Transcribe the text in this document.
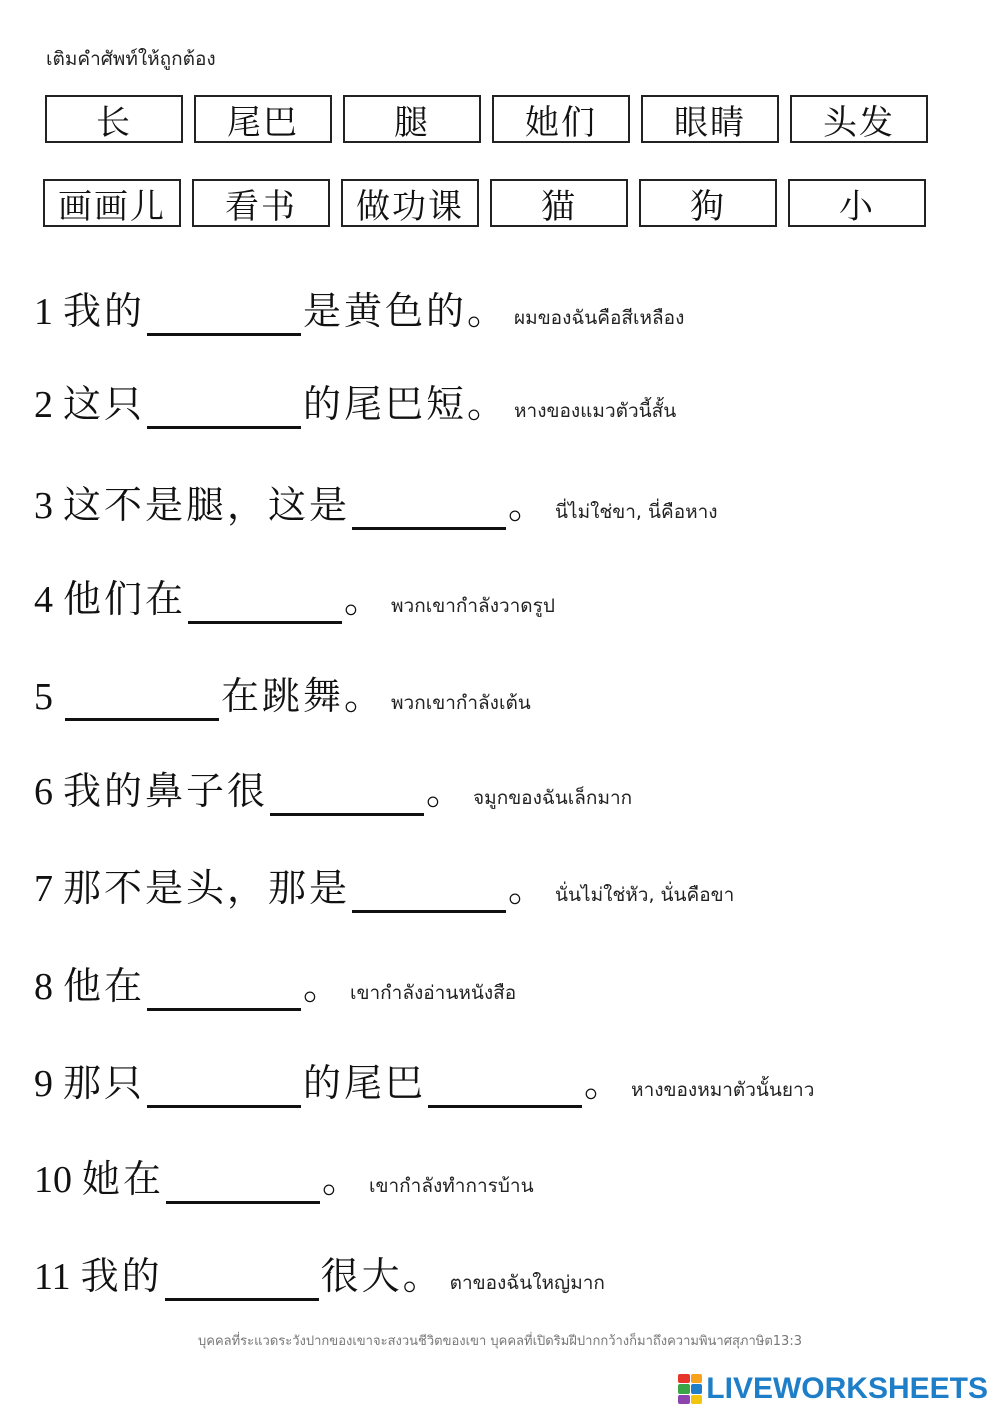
เติมคำศัพท์ให้ถูกต้อง
长	尾巴	腿	她们	眼睛	头发
画画儿	看书	做功课	猫	狗	小
1 我的	是黄色的。 ผมของฉันคือสีเหลือง
2 这只	的尾巴短。 หางของแมวตัวนี้สั้น
3 这不是腿，这是	。 นี่ไม่ใช่ขา, นี่คือหาง
4 他们在	。 พวกเขากำลังวาดรูป
5	在跳舞。 พวกเขากำลังเต้น
6 我的鼻子很	。 จมูกของฉันเล็กมาก
7 那不是头，那是	。 นั่นไม่ใช่หัว, นั่นคือขา
8 他在	。 เขากำลังอ่านหนังสือ
9 那只	的尾巴	。 หางของหมาตัวนั้นยาว
10 她在	。 เขากำลังทำการบ้าน
11 我的	很大。 ตาของฉันใหญ่มาก
บุคคลที่ระแวดระวังปากของเขาจะสงวนชีวิตของเขา บุคคลที่เปิดริมฝีปากกว้างก็มาถึงความพินาศสุภาษิต13:3
LIVEWORKSHEETS
